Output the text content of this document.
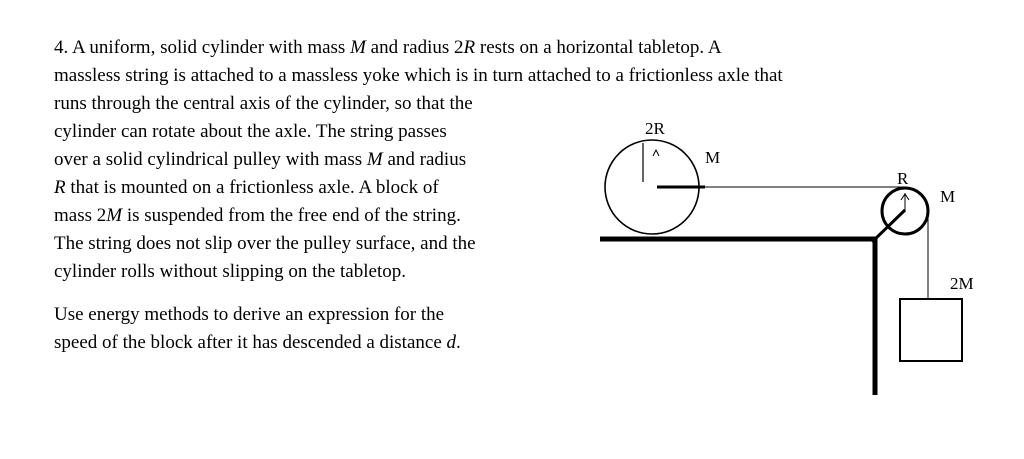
4. A uniform, solid cylinder with mass M and radius 2R rests on a horizontal tabletop. A
massless string is attached to a massless yoke which is in turn attached to a frictionless axle that
runs through the central axis of the cylinder, so that the
cylinder can rotate about the axle. The string passes
over a solid cylindrical pulley with mass M and radius
R that is mounted on a frictionless axle. A block of
mass 2M is suspended from the free end of the string.
The string does not slip over the pulley surface, and the
cylinder rolls without slipping on the tabletop.
Use energy methods to derive an expression for the
speed of the block after it has descended a distance d.
2R
M
R
M
2M
